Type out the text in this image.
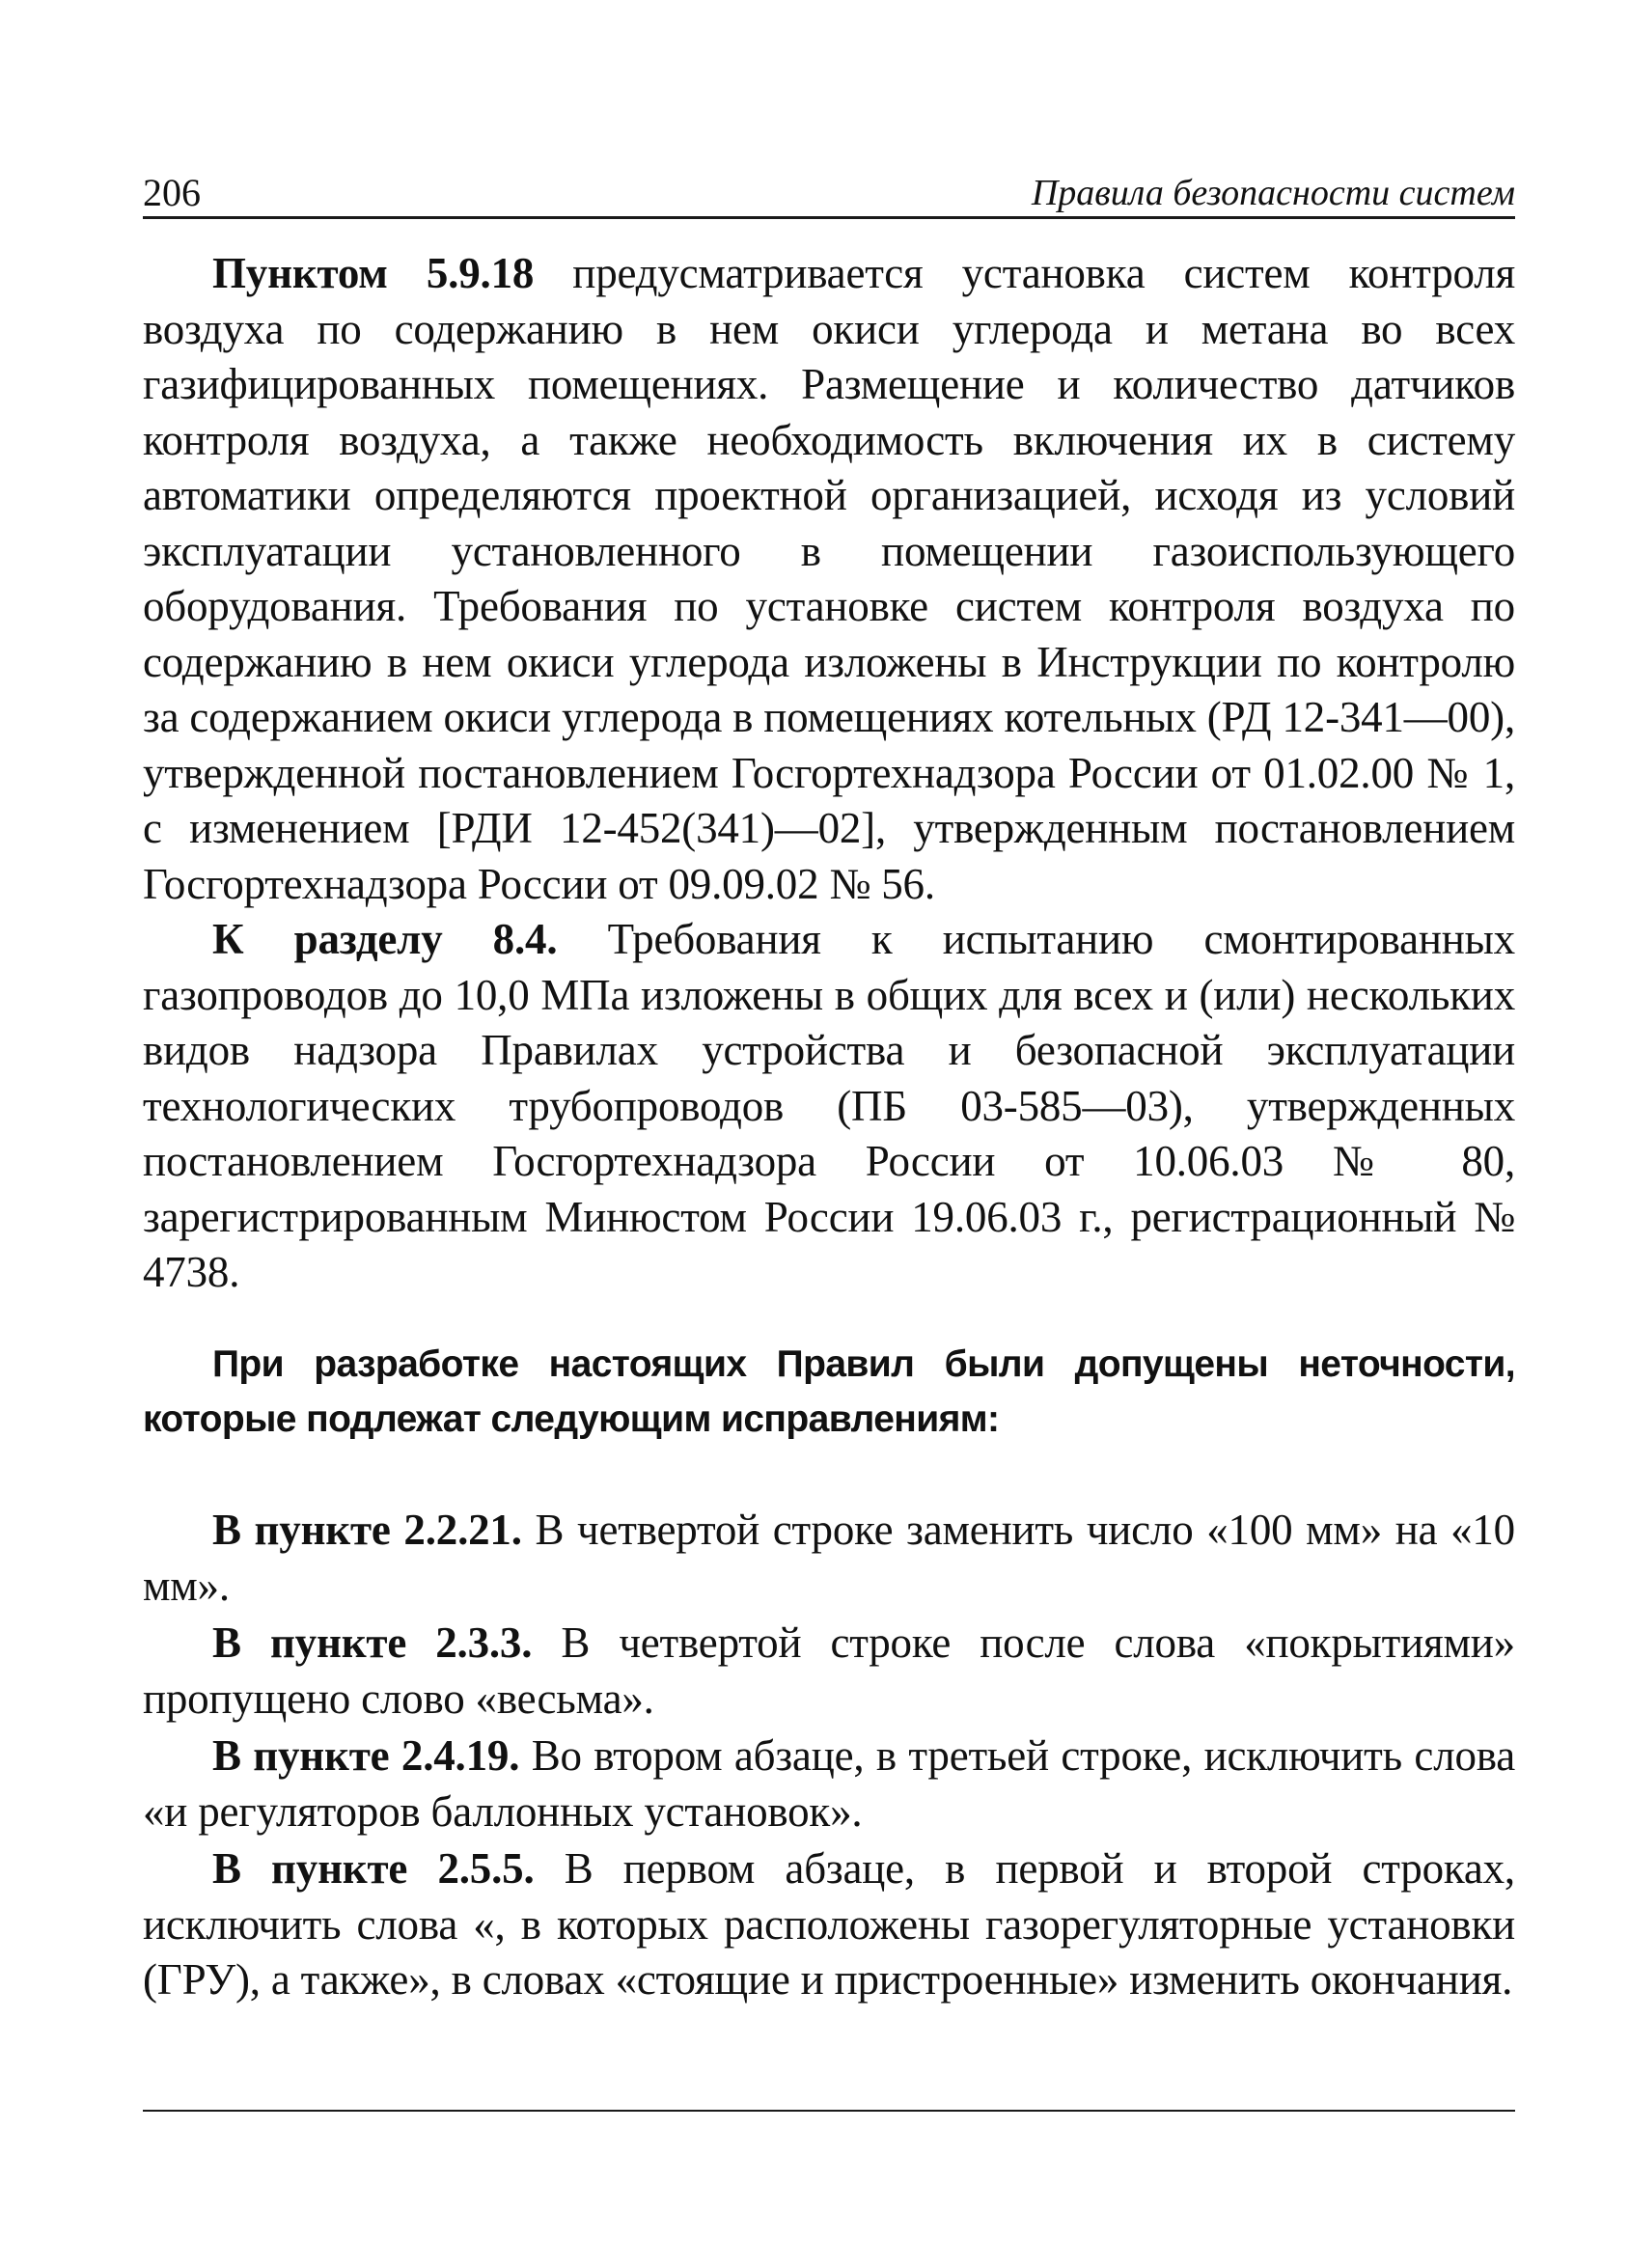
206	Правила безопасности систем

Пунктом 5.9.18 предусматривается установка систем контроля воздуха по содержанию в нем окиси углерода и метана во всех газифицированных помещениях. Размещение и количество датчиков контроля воздуха, а также необходимость включения их в систему автоматики определяются проектной организацией, исходя из условий эксплуатации установленного в помещении газоиспользующего оборудования. Требования по установке систем контроля воздуха по содержанию в нем окиси углерода изложены в Инструкции по контролю за содержанием окиси углерода в помещениях котельных (РД 12-341—00), утвержденной постановлением Госгортехнадзора России от 01.02.00 № 1, с изменением [РДИ 12-452(341)—02], утвержденным постановлением Госгортехнадзора России от 09.09.02 № 56.

К разделу 8.4. Требования к испытанию смонтированных газопроводов до 10,0 МПа изложены в общих для всех и (или) нескольких видов надзора Правилах устройства и безопасной эксплуатации технологических трубопроводов (ПБ 03-585—03), утвержденных постановлением Госгортехнадзора России от 10.06.03 № 80, зарегистрированным Минюстом России 19.06.03 г., регистрационный № 4738.

При разработке настоящих Правил были допущены неточности, которые подлежат следующим исправлениям:

В пункте 2.2.21. В четвертой строке заменить число «100 мм» на «10 мм».

В пункте 2.3.3. В четвертой строке после слова «покрытиями» пропущено слово «весьма».

В пункте 2.4.19. Во втором абзаце, в третьей строке, исключить слова «и регуляторов баллонных установок».

В пункте 2.5.5. В первом абзаце, в первой и второй строках, исключить слова «, в которых расположены газорегуляторные установки (ГРУ), а также», в словах «стоящие и пристроенные» изменить окончания.
